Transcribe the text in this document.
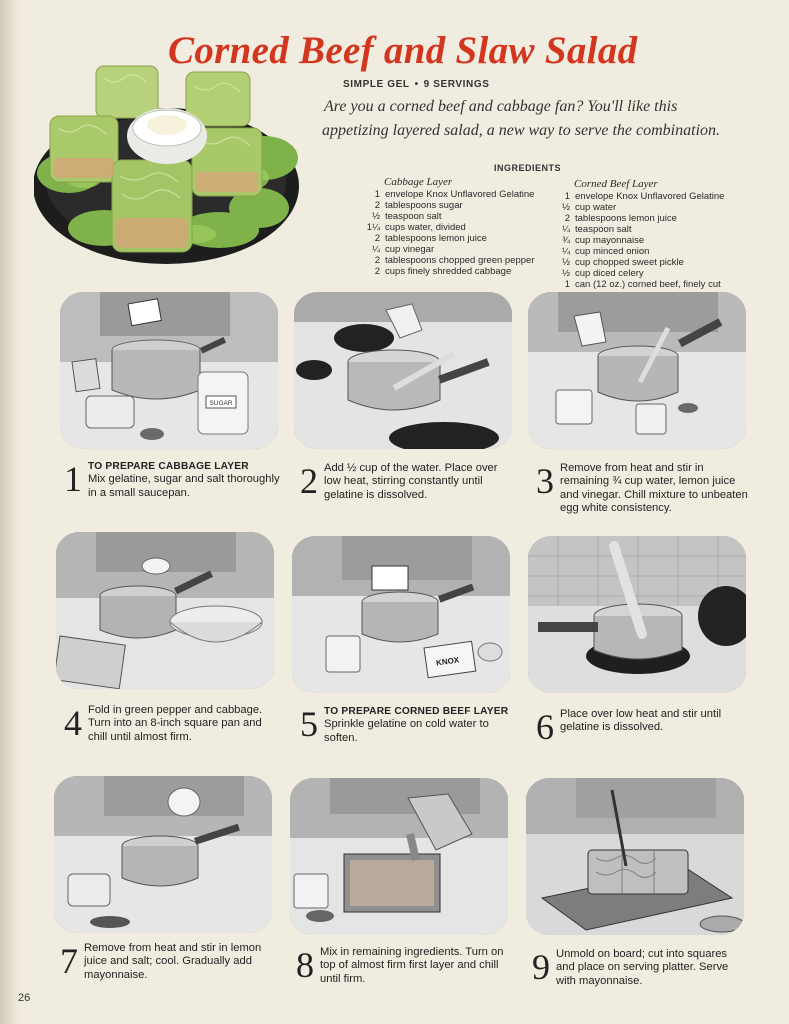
Corned Beef and Slaw Salad
SIMPLE GEL • 9 SERVINGS

Are you a corned beef and cabbage fan? You'll like this
appetizing layered salad, a new way to serve the combination.

INGREDIENTS
Cabbage Layer
1 envelope Knox Unflavored Gelatine
2 tablespoons sugar
½ teaspoon salt
1¼ cups water, divided
2 tablespoons lemon juice
¼ cup vinegar
2 tablespoons chopped green pepper
2 cups finely shredded cabbage
Corned Beef Layer
1 envelope Knox Unflavored Gelatine
½ cup water
2 tablespoons lemon juice
¼ teaspoon salt
¾ cup mayonnaise
¼ cup minced onion
½ cup chopped sweet pickle
½ cup diced celery
1 can (12 oz.) corned beef, finely cut
SUGAR
1 TO PREPARE CABBAGE LAYER
Mix gelatine, sugar and salt thoroughly in a small saucepan.	2 Add ½ cup of the water. Place over low heat, stirring constantly until gelatine is dissolved.	3 Remove from heat and stir in remaining ¾ cup water, lemon juice and vinegar. Chill mixture to unbeaten egg white consistency.
KNOX
4 Fold in green pepper and cabbage. Turn into an 8-inch square pan and chill until almost firm.	5 TO PREPARE CORNED BEEF LAYER
Sprinkle gelatine on cold water to soften.	6 Place over low heat and stir until gelatine is dissolved.
7 Remove from heat and stir in lemon juice and salt; cool. Gradually add mayonnaise.	8 Mix in remaining ingredients. Turn on top of almost firm first layer and chill until firm.	9 Unmold on board; cut into squares and place on serving platter. Serve with mayonnaise.
26
